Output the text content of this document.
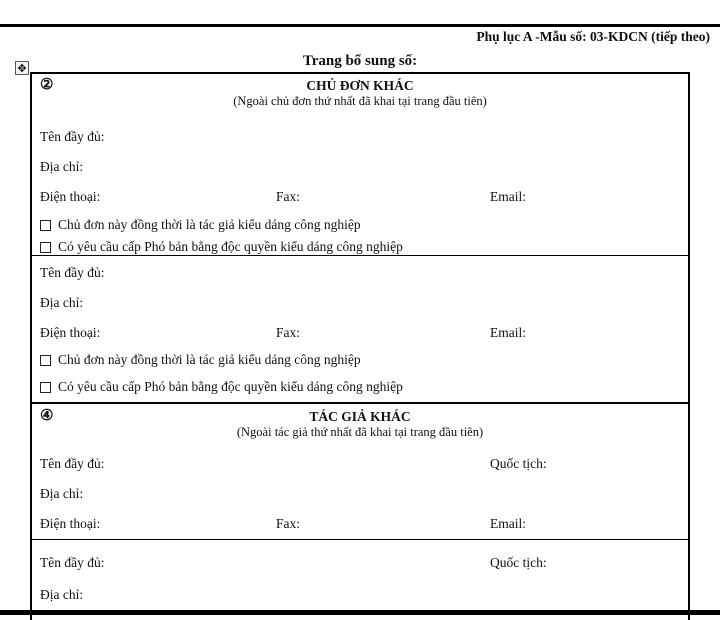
Phụ lục A -Mẫu số: 03-KDCN (tiếp theo)
Trang bổ sung số:
✥
②	CHỦ ĐƠN KHÁC
(Ngoài chủ đơn thứ nhất đã khai tại trang đầu tiên)
Tên đầy đủ:
Địa chỉ:
Điện thoại:	Fax:	Email:
Chủ đơn này đồng thời là tác giả kiểu dáng công nghiệp
Có yêu cầu cấp Phó bản bằng độc quyền kiểu dáng công nghiệp
Tên đầy đủ:
Địa chỉ:
Điện thoại:	Fax:	Email:
Chủ đơn này đồng thời là tác giả kiểu dáng công nghiệp
Có yêu cầu cấp Phó bản bằng độc quyền kiểu dáng công nghiệp
④	TÁC GIẢ KHÁC
(Ngoài tác giả thứ nhất đã khai tại trang đầu tiên)
Tên đầy đủ:	Quốc tịch:
Địa chỉ:
Điện thoại:	Fax:	Email:
Tên đầy đủ:	Quốc tịch:
Địa chỉ:
